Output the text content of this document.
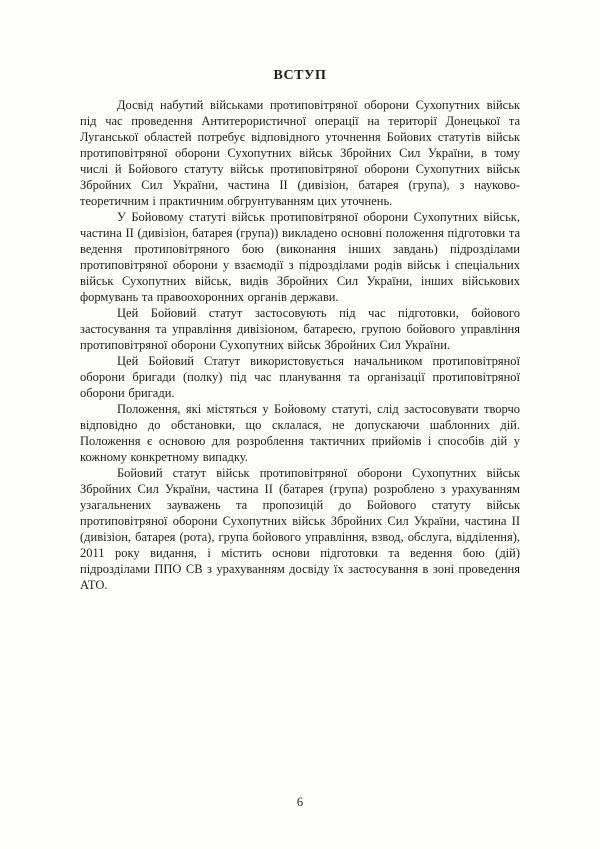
ВСТУП

Досвід набутий військами протиповітряної оборони Сухопутних військ під час проведення Антитерористичної операції на території Донецької та Луганської областей потребує відповідного уточнення Бойових статутів військ протиповітряної оборони Сухопутних військ Збройних Сил України, в тому числі й Бойового статуту військ протиповітряної оборони Сухопутних військ Збройних Сил України, частина II (дивізіон, батарея (група), з науково-теоретичним і практичним обгрунтуванням цих уточнень.

У Бойовому статуті військ протиповітряної оборони Сухопутних військ, частина II (дивізіон, батарея (група)) викладено основні положення підготовки та ведення протиповітряного бою (виконання інших завдань) підрозділами протиповітряної оборони у взаємодії з підрозділами родів військ і спеціальних військ Сухопутних військ, видів Збройних Сил України, інших військових формувань та правоохоронних органів держави.

Цей Бойовий статут застосовують під час підготовки, бойового застосування та управління дивізіоном, батареєю, групою бойового управління протиповітряної оборони Сухопутних військ Збройних Сил України.

Цей Бойовий Статут використовується начальником протиповітряної оборони бригади (полку) під час планування та організації протиповітряної оборони бригади.

Положення, які містяться у Бойовому статуті, слід застосовувати творчо відповідно до обстановки, що склалася, не допускаючи шаблонних дій. Положення є основою для розроблення тактичних прийомів і способів дій у кожному конкретному випадку.

Бойовий статут військ протиповітряної оборони Сухопутних військ Збройних Сил України, частина II (батарея (група) розроблено з урахуванням узагальнених зауважень та пропозицій до Бойового статуту військ протиповітряної оборони Сухопутних військ Збройних Сил України, частина II (дивізіон, батарея (рота), група бойового управління, взвод, обслуга, відділення), 2011 року видання, і містить основи підготовки та ведення бою (дій) підрозділами ППО СВ з урахуванням досвіду їх застосування в зоні проведення АТО.

6
